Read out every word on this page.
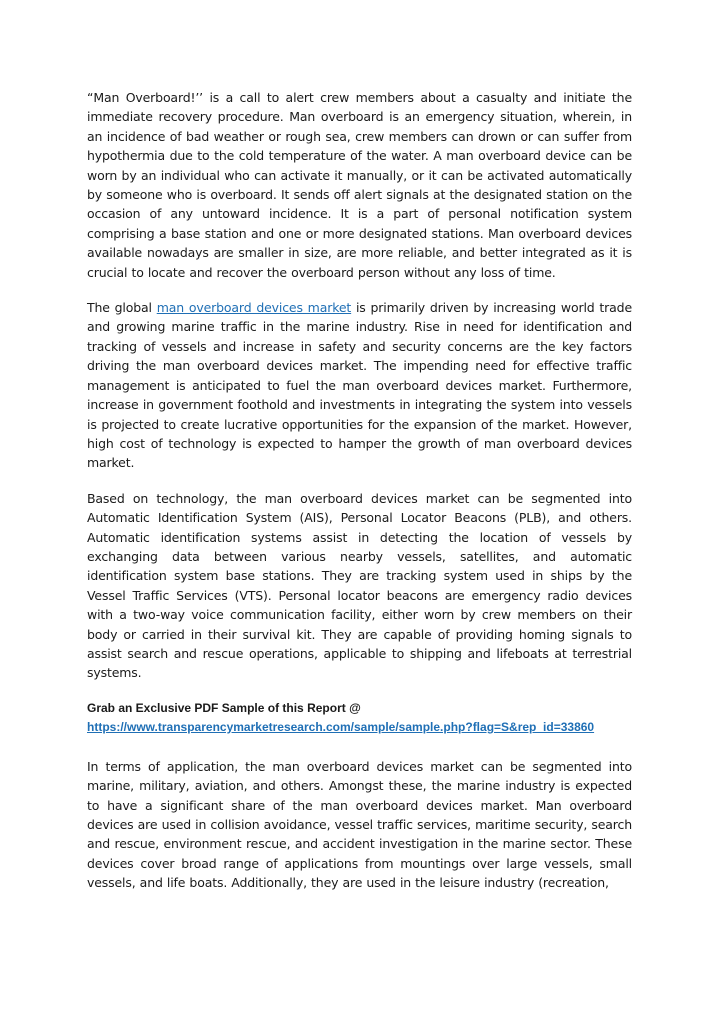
“Man Overboard!’’ is a call to alert crew members about a casualty and initiate the immediate recovery procedure. Man overboard is an emergency situation, wherein, in an incidence of bad weather or rough sea, crew members can drown or can suffer from hypothermia due to the cold temperature of the water. A man overboard device can be worn by an individual who can activate it manually, or it can be activated automatically by someone who is overboard. It sends off alert signals at the designated station on the occasion of any untoward incidence. It is a part of personal notification system comprising a base station and one or more designated stations. Man overboard devices available nowadays are smaller in size, are more reliable, and better integrated as it is crucial to locate and recover the overboard person without any loss of time.

The global man overboard devices market is primarily driven by increasing world trade and growing marine traffic in the marine industry. Rise in need for identification and tracking of vessels and increase in safety and security concerns are the key factors driving the man overboard devices market. The impending need for effective traffic management is anticipated to fuel the man overboard devices market. Furthermore, increase in government foothold and investments in integrating the system into vessels is projected to create lucrative opportunities for the expansion of the market. However, high cost of technology is expected to hamper the growth of man overboard devices market.

Based on technology, the man overboard devices market can be segmented into Automatic Identification System (AIS), Personal Locator Beacons (PLB), and others. Automatic identification systems assist in detecting the location of vessels by exchanging data between various nearby vessels, satellites, and automatic identification system base stations. They are tracking system used in ships by the Vessel Traffic Services (VTS). Personal locator beacons are emergency radio devices with a two-way voice communication facility, either worn by crew members on their body or carried in their survival kit. They are capable of providing homing signals to assist search and rescue operations, applicable to shipping and lifeboats at terrestrial systems.

Grab an Exclusive PDF Sample of this Report @
https://www.transparencymarketresearch.com/sample/sample.php?flag=S&rep_id=33860

In terms of application, the man overboard devices market can be segmented into marine, military, aviation, and others. Amongst these, the marine industry is expected to have a significant share of the man overboard devices market. Man overboard devices are used in collision avoidance, vessel traffic services, maritime security, search and rescue, environment rescue, and accident investigation in the marine sector. These devices cover broad range of applications from mountings over large vessels, small vessels, and life boats. Additionally, they are used in the leisure industry (recreation,
